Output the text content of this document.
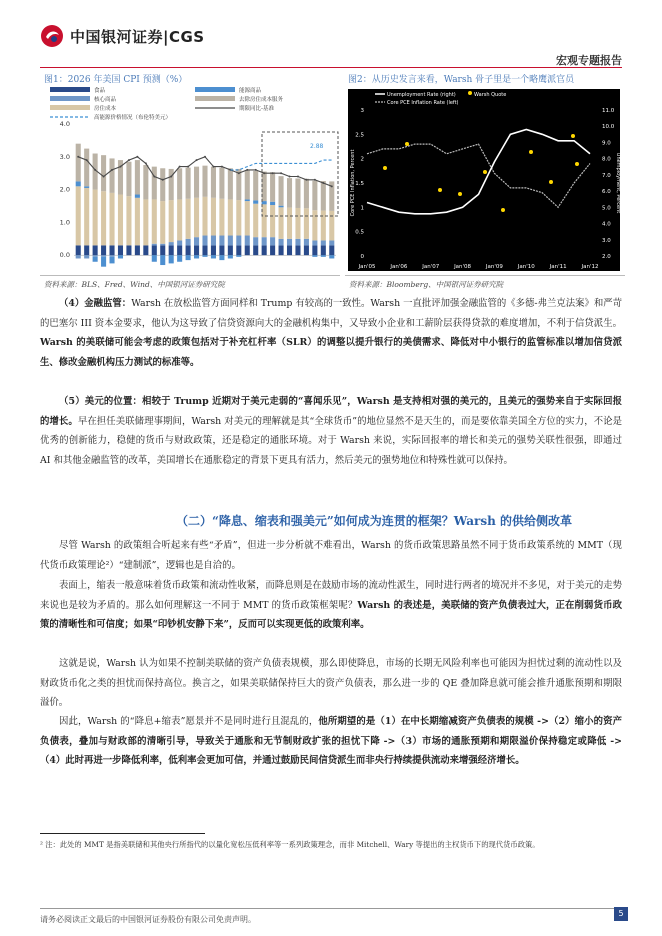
中国银河证券|CGS
宏观专题报告
图1：2026 年美国 CPI 预测（%）
食品
核心商品
房住成本
高能源价格情况（布伦特美元）
能源商品
去除房住成本服务
期限同比-基准
4.0
3.0
2.0
1.0
0.0
2.88
资料来源：BLS、Fred、Wind、中国银河证券研究院
图2：从历史发言来看，Warsh 骨子里是一个略鹰派官员
Unemployment Rate (right)	Warsh Quote
Core PCE Inflation Rate (left)
3
2.5
2
1.5
1
0.5
0
11.0
10.0
9.0
8.0
7.0
6.0
5.0
4.0
3.0
2.0
Jan'05	Jan'06	Jan'07	Jan'08	Jan'09	Jan'10	Jan'11	Jan'12
Core PCE Inflation, Percent	Unemployment, Percent
资料来源：Bloomberg、中国银河证券研究院
（4）金融监管：Warsh 在放松监管方面同样和 Trump 有较高的一致性。Warsh 一直批评加强金融监管的《多德-弗兰克法案》和严苛的巴塞尔 III 资本金要求，他认为这导致了信贷资源向大的金融机构集中，又导致小企业和工薪阶层获得贷款的难度增加，不利于信贷派生。Warsh 的美联储可能会考虑的政策包括对于补充杠杆率（SLR）的调整以提升银行的美债需求、降低对中小银行的监管标准以增加信贷派生、修改金融机构压力测试的标准等。
（5）美元的位置：相较于 Trump 近期对于美元走弱的“喜闻乐见”，Warsh 是支持相对强的美元的，且美元的强势来自于实际回报的增长。早在担任美联储理事期间，Warsh 对美元的理解就是其“全球货币”的地位显然不是天生的，而是要依靠美国全方位的实力，不论是优秀的创新能力，稳健的货币与财政政策，还是稳定的通胀环境。对于 Warsh 来说，实际回报率的增长和美元的强势关联性很强，即通过 AI 和其他金融监管的改革，美国增长在通胀稳定的背景下更具有活力，然后美元的强势地位和特殊性就可以保持。
（二）“降息、缩表和强美元”如何成为连贯的框架？Warsh 的供给侧改革
尽管 Warsh 的政策组合听起来有些“矛盾”，但进一步分析就不难看出，Warsh 的货币政策思路虽然不同于货币政策系统的 MMT（现代货币政策理论²）“建制派”，逻辑也是自洽的。
表面上，缩表一般意味着货币政策和流动性收紧，而降息则是在鼓励市场的流动性派生，同时进行两者的境况并不多见，对于美元的走势来说也是较为矛盾的。那么如何理解这一不同于 MMT 的货币政策框架呢？Warsh 的表述是，美联储的资产负债表过大，正在削弱货币政策的清晰性和可信度；如果“印钞机安静下来”，反而可以实现更低的政策利率。
这就是说，Warsh 认为如果不控制美联储的资产负债表规模，那么即使降息，市场的长期无风险利率也可能因为担忧过剩的流动性以及财政货币化之类的担忧而保持高位。换言之，如果美联储保持巨大的资产负债表，那么进一步的 QE 叠加降息就可能会推升通胀预期和期限溢价。
因此，Warsh 的“降息+缩表”愿景并不是同时进行且混乱的，他所期望的是（1）在中长期缩减资产负债表的规模 ->（2）缩小的资产负债表，叠加与财政部的清晰引导，导致关于通胀和无节制财政扩张的担忧下降 ->（3）市场的通胀预期和期限溢价保持稳定或降低 ->（4）此时再进一步降低利率，低利率会更加可信，并通过鼓励民间信贷派生而非央行持续提供流动来增强经济增长。
² 注：此处的 MMT 是指美联储和其他央行所指代的以量化宽松压低利率等一系列政策理念，而非 Mitchell、Wary 等提出的主权货币下的现代货币政策。
请务必阅读正文最后的中国银河证券股份有限公司免责声明。
5
